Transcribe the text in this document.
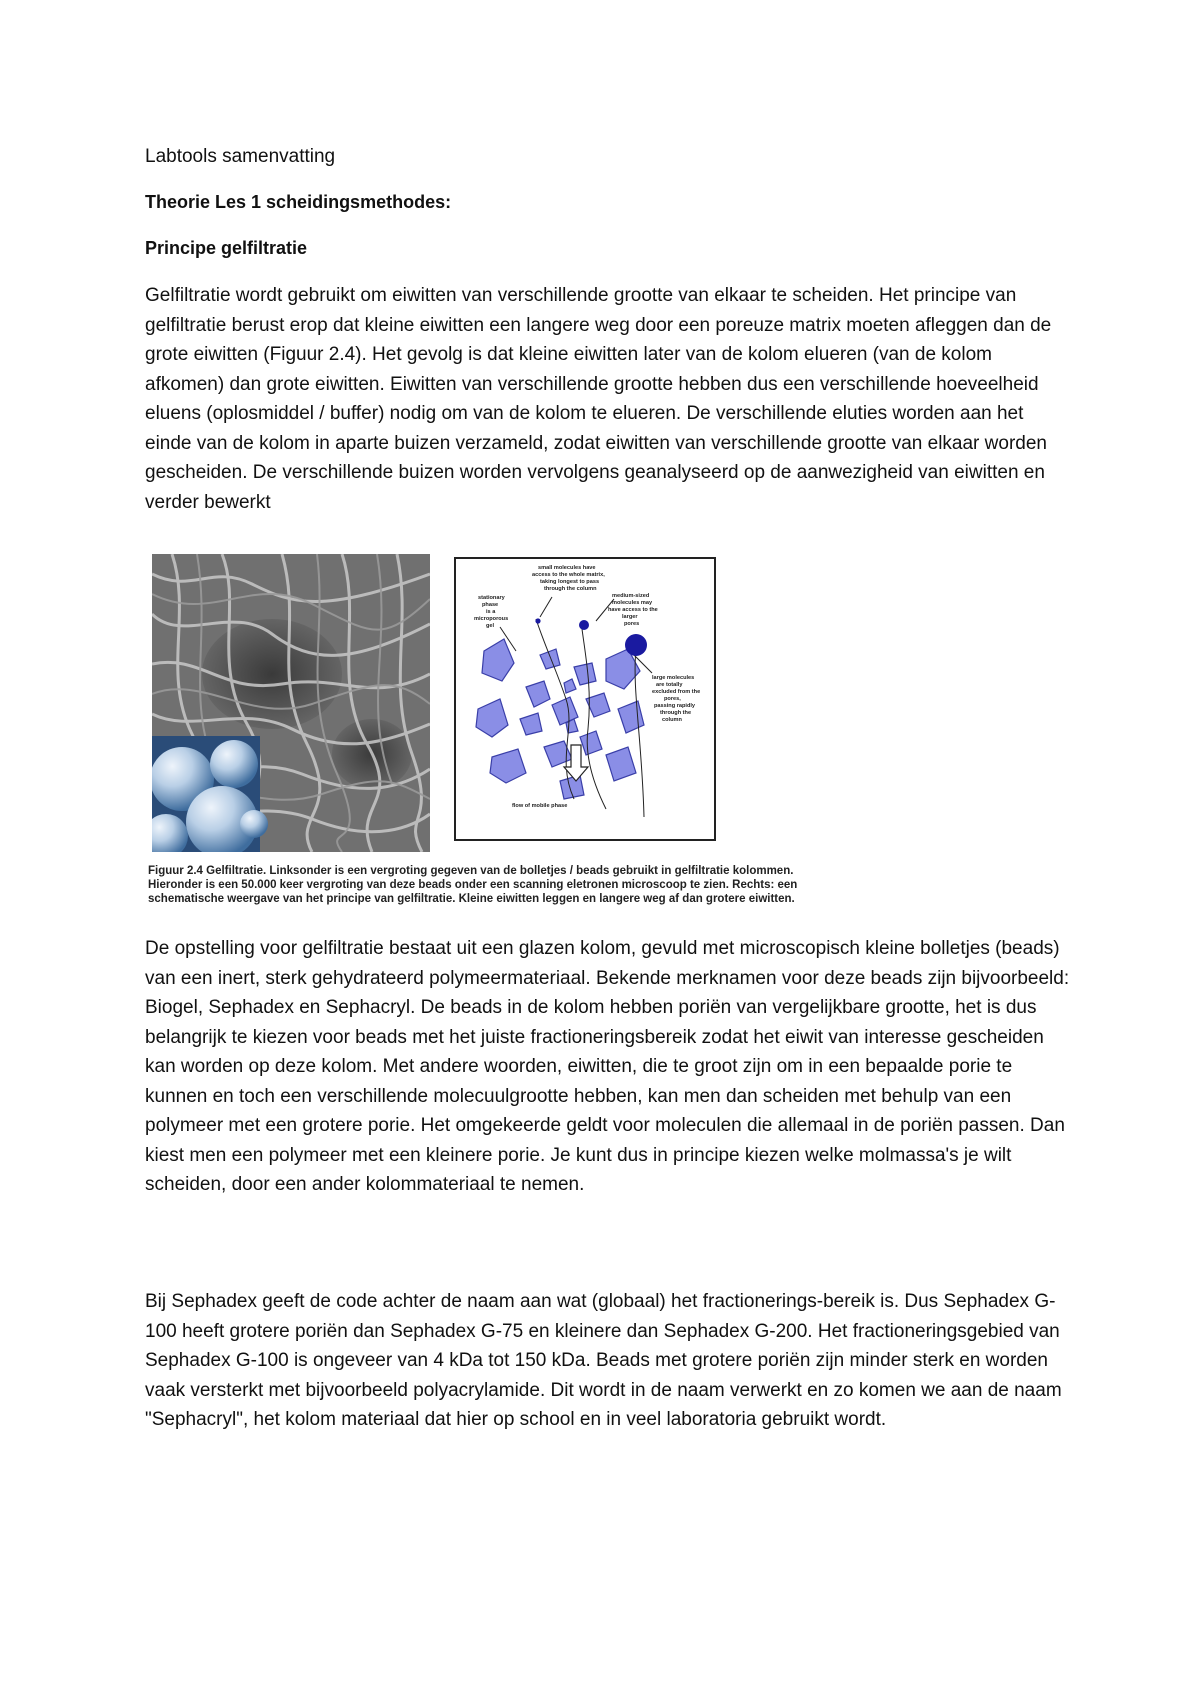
Labtools samenvatting
Theorie Les 1 scheidingsmethodes:
Principe gelfiltratie

Gelfiltratie wordt gebruikt om eiwitten van verschillende grootte van elkaar te scheiden. Het principe van gelfiltratie berust erop dat kleine eiwitten een langere weg door een poreuze matrix moeten afleggen dan de grote eiwitten (Figuur 2.4). Het gevolg is dat kleine eiwitten later van de kolom elueren (van de kolom afkomen) dan grote eiwitten. Eiwitten van verschillende grootte hebben dus een verschillende hoeveelheid eluens (oplosmiddel / buffer) nodig om van de kolom te elueren. De verschillende eluties worden aan het einde van de kolom in aparte buizen verzameld, zodat eiwitten van verschillende grootte van elkaar worden gescheiden. De verschillende buizen worden vervolgens geanalyseerd op de aanwezigheid van eiwitten en verder bewerkt

stationary
phase
is a
microporous
gel
small molecules have
access to the whole matrix,
taking longest to pass
through the column
medium-sized
molecules may
have access to the
larger
pores
large molecules
are totally
excluded from the
pores,
passing rapidly
through the
column
flow of mobile phase

Figuur 2.4 Gelfiltratie. Linksonder is een vergroting gegeven van de bolletjes / beads gebruikt in gelfiltratie kolommen. Hieronder is een 50.000 keer vergroting van deze beads onder een scanning eletronen microscoop te zien. Rechts: een schematische weergave van het principe van gelfiltratie. Kleine eiwitten leggen en langere weg af dan grotere eiwitten.

De opstelling voor gelfiltratie bestaat uit een glazen kolom, gevuld met microscopisch kleine bolletjes (beads) van een inert, sterk gehydrateerd polymeermateriaal. Bekende merknamen voor deze beads zijn bijvoorbeeld: Biogel, Sephadex en Sephacryl. De beads in de kolom hebben poriën van vergelijkbare grootte, het is dus belangrijk te kiezen voor beads met het juiste fractioneringsbereik zodat het eiwit van interesse gescheiden kan worden op deze kolom. Met andere woorden, eiwitten, die te groot zijn om in een bepaalde porie te kunnen en toch een verschillende molecuulgrootte hebben, kan men dan scheiden met behulp van een polymeer met een grotere porie. Het omgekeerde geldt voor moleculen die allemaal in de poriën passen. Dan kiest men een polymeer met een kleinere porie. Je kunt dus in principe kiezen welke molmassa's je wilt scheiden, door een ander kolommateriaal te nemen.

Bij Sephadex geeft de code achter de naam aan wat (globaal) het fractionerings-bereik is. Dus Sephadex G-100 heeft grotere poriën dan Sephadex G-75 en kleinere dan Sephadex G-200. Het fractioneringsgebied van Sephadex G-100 is ongeveer van 4 kDa tot 150 kDa. Beads met grotere poriën zijn minder sterk en worden vaak versterkt met bijvoorbeeld polyacrylamide. Dit wordt in de naam verwerkt en zo komen we aan de naam "Sephacryl", het kolom materiaal dat hier op school en in veel laboratoria gebruikt wordt.
